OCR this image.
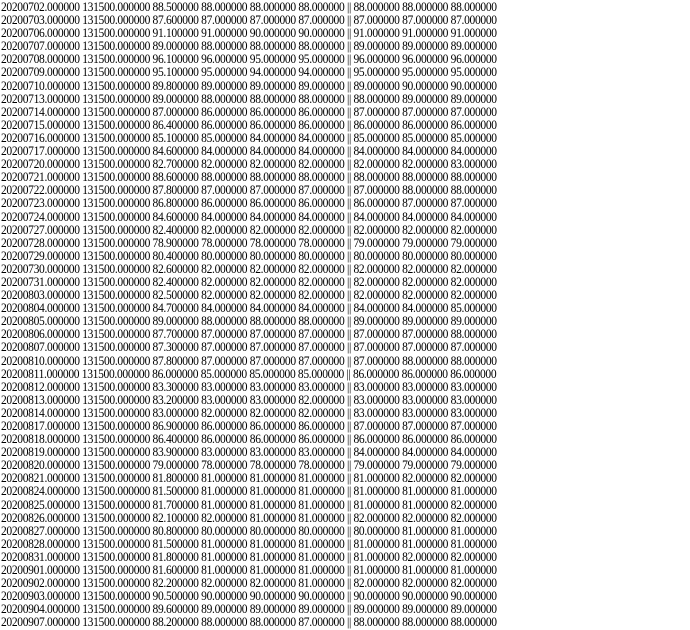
20200702.000000 131500.000000 88.500000 88.000000 88.000000 88.000000 || 88.000000 88.000000 88.000000
20200703.000000 131500.000000 87.600000 87.000000 87.000000 87.000000 || 87.000000 87.000000 87.000000
20200706.000000 131500.000000 91.100000 91.000000 90.000000 90.000000 || 91.000000 91.000000 91.000000
20200707.000000 131500.000000 89.000000 88.000000 88.000000 88.000000 || 89.000000 89.000000 89.000000
20200708.000000 131500.000000 96.100000 96.000000 95.000000 95.000000 || 96.000000 96.000000 96.000000
20200709.000000 131500.000000 95.100000 95.000000 94.000000 94.000000 || 95.000000 95.000000 95.000000
20200710.000000 131500.000000 89.800000 89.000000 89.000000 89.000000 || 89.000000 90.000000 90.000000
20200713.000000 131500.000000 89.000000 88.000000 88.000000 88.000000 || 88.000000 89.000000 89.000000
20200714.000000 131500.000000 87.000000 86.000000 86.000000 86.000000 || 87.000000 87.000000 87.000000
20200715.000000 131500.000000 86.400000 86.000000 86.000000 86.000000 || 86.000000 86.000000 86.000000
20200716.000000 131500.000000 85.100000 85.000000 84.000000 84.000000 || 85.000000 85.000000 85.000000
20200717.000000 131500.000000 84.600000 84.000000 84.000000 84.000000 || 84.000000 84.000000 84.000000
20200720.000000 131500.000000 82.700000 82.000000 82.000000 82.000000 || 82.000000 82.000000 83.000000
20200721.000000 131500.000000 88.600000 88.000000 88.000000 88.000000 || 88.000000 88.000000 88.000000
20200722.000000 131500.000000 87.800000 87.000000 87.000000 87.000000 || 87.000000 88.000000 88.000000
20200723.000000 131500.000000 86.800000 86.000000 86.000000 86.000000 || 86.000000 87.000000 87.000000
20200724.000000 131500.000000 84.600000 84.000000 84.000000 84.000000 || 84.000000 84.000000 84.000000
20200727.000000 131500.000000 82.400000 82.000000 82.000000 82.000000 || 82.000000 82.000000 82.000000
20200728.000000 131500.000000 78.900000 78.000000 78.000000 78.000000 || 79.000000 79.000000 79.000000
20200729.000000 131500.000000 80.400000 80.000000 80.000000 80.000000 || 80.000000 80.000000 80.000000
20200730.000000 131500.000000 82.600000 82.000000 82.000000 82.000000 || 82.000000 82.000000 82.000000
20200731.000000 131500.000000 82.400000 82.000000 82.000000 82.000000 || 82.000000 82.000000 82.000000
20200803.000000 131500.000000 82.500000 82.000000 82.000000 82.000000 || 82.000000 82.000000 82.000000
20200804.000000 131500.000000 84.700000 84.000000 84.000000 84.000000 || 84.000000 84.000000 85.000000
20200805.000000 131500.000000 89.000000 88.000000 88.000000 88.000000 || 89.000000 89.000000 89.000000
20200806.000000 131500.000000 87.700000 87.000000 87.000000 87.000000 || 87.000000 87.000000 88.000000
20200807.000000 131500.000000 87.300000 87.000000 87.000000 87.000000 || 87.000000 87.000000 87.000000
20200810.000000 131500.000000 87.800000 87.000000 87.000000 87.000000 || 87.000000 88.000000 88.000000
20200811.000000 131500.000000 86.000000 85.000000 85.000000 85.000000 || 86.000000 86.000000 86.000000
20200812.000000 131500.000000 83.300000 83.000000 83.000000 83.000000 || 83.000000 83.000000 83.000000
20200813.000000 131500.000000 83.200000 83.000000 83.000000 82.000000 || 83.000000 83.000000 83.000000
20200814.000000 131500.000000 83.000000 82.000000 82.000000 82.000000 || 83.000000 83.000000 83.000000
20200817.000000 131500.000000 86.900000 86.000000 86.000000 86.000000 || 87.000000 87.000000 87.000000
20200818.000000 131500.000000 86.400000 86.000000 86.000000 86.000000 || 86.000000 86.000000 86.000000
20200819.000000 131500.000000 83.900000 83.000000 83.000000 83.000000 || 84.000000 84.000000 84.000000
20200820.000000 131500.000000 79.000000 78.000000 78.000000 78.000000 || 79.000000 79.000000 79.000000
20200821.000000 131500.000000 81.800000 81.000000 81.000000 81.000000 || 81.000000 82.000000 82.000000
20200824.000000 131500.000000 81.500000 81.000000 81.000000 81.000000 || 81.000000 81.000000 81.000000
20200825.000000 131500.000000 81.700000 81.000000 81.000000 81.000000 || 81.000000 81.000000 82.000000
20200826.000000 131500.000000 82.100000 82.000000 81.000000 81.000000 || 82.000000 82.000000 82.000000
20200827.000000 131500.000000 80.800000 80.000000 80.000000 80.000000 || 80.000000 81.000000 81.000000
20200828.000000 131500.000000 81.500000 81.000000 81.000000 81.000000 || 81.000000 81.000000 81.000000
20200831.000000 131500.000000 81.800000 81.000000 81.000000 81.000000 || 81.000000 82.000000 82.000000
20200901.000000 131500.000000 81.600000 81.000000 81.000000 81.000000 || 81.000000 81.000000 81.000000
20200902.000000 131500.000000 82.200000 82.000000 82.000000 81.000000 || 82.000000 82.000000 82.000000
20200903.000000 131500.000000 90.500000 90.000000 90.000000 90.000000 || 90.000000 90.000000 90.000000
20200904.000000 131500.000000 89.600000 89.000000 89.000000 89.000000 || 89.000000 89.000000 89.000000
20200907.000000 131500.000000 88.200000 88.000000 88.000000 87.000000 || 88.000000 88.000000 88.000000
